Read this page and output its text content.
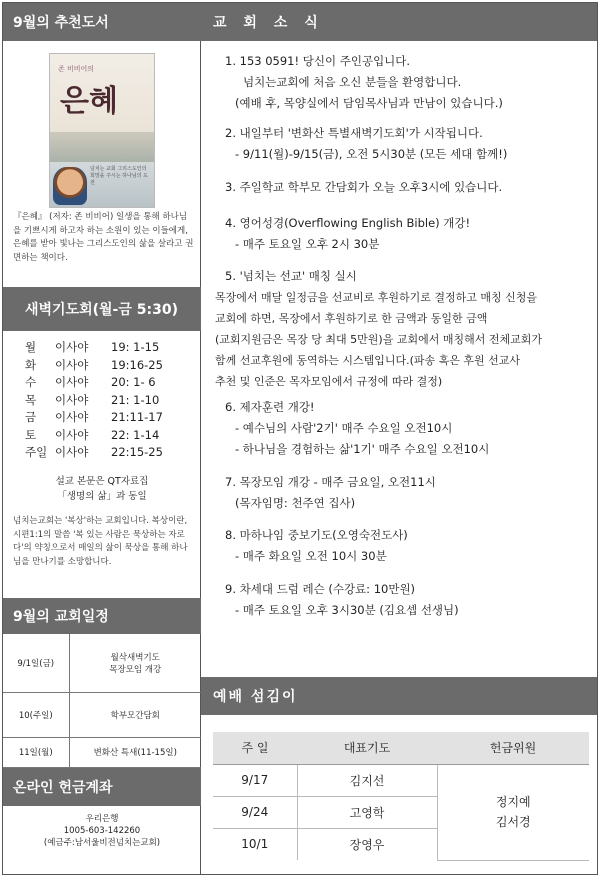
9월의 추천도서
존 비비어의
은혜
넘치는 교회 그리스도인의 희망을 주시는 하나님의 도전
『은혜』 (저자: 존 비비어) 일생을 통해 하나님을 기쁘시게 하고자 하는 소원이 있는 이들에게, 은혜를 받아 빛나는 그리스도인의 삶을 살라고 권면하는 책이다.
새벽기도회(월-금 5:30)
월	이사야	19: 1-15
화	이사야	19:16-25
수	이사야	20: 1- 6
목	이사야	21: 1-10
금	이사야	21:11-17
토	이사야	22: 1-14
주일 이사야	22:15-25
설교 본문은 QT자료집
「생명의 삶」과 동일
넘치는교회는 '복상'하는 교회입니다. 복상이란, 시편1:1의 말씀 '복 있는 사람은 묵상하는 자로 다'의 약칭으로서 매일의 삶이 묵상을 통해 하나님을 만나기를 소망합니다.
9월의 교회일정
9/1일(금)	월삭새벽기도
목장모임 개강

10(주일)	학부모간담회
11일(월)	변화산 특새(11-15일)
온라인 헌금계좌
우리은행
1005-603-142260
(예금주:남서울비전넘치는교회)
교 회 소 식
1. 153 0591! 당신이 주인공입니다.
넘치는교회에 처음 오신 분들을 환영합니다.
(예배 후, 목양실에서 담임목사님과 만남이 있습니다.)
2. 내일부터 '변화산 특별새벽기도회'가 시작됩니다.
- 9/11(월)-9/15(금), 오전 5시30분 (모든 세대 함께!)
3. 주일학교 학부모 간담회가 오늘 오후3시에 있습니다.
4. 영어성경(Overflowing English Bible) 개강!
- 매주 토요일 오후 2시 30분
5. '넘치는 선교' 매칭 실시
목장에서 매달 일정금을 선교비로 후원하기로 결정하고 매칭 신청을
교회에 하면, 목장에서 후원하기로 한 금액과 동일한 금액
(교회지원금은 목장 당 최대 5만원)을 교회에서 매칭해서 전체교회가
함께 선교후원에 동역하는 시스템입니다.(파송 혹은 후원 선교사
추천 및 인준은 목자모임에서 규정에 따라 결정)
6. 제자훈련 개강!
- 예수님의 사람'2기' 매주 수요일 오전10시
- 하나님을 경험하는 삶'1기' 매주 수요일 오전10시
7. 목장모임 개강 - 매주 금요일, 오전11시
(목자임명: 천주연 집사)
8. 마하나임 중보기도(오영숙전도사)
- 매주 화요일 오전 10시 30분
9. 차세대 드럼 레슨 (수강료: 10만원)
- 매주 토요일 오후 3시30분 (김요셉 선생님)
예배 섬김이
주 일	대표기도	헌금위원
9/17	김지선	정지예
김서경

9/24	고영학	
10/1	장영우	
